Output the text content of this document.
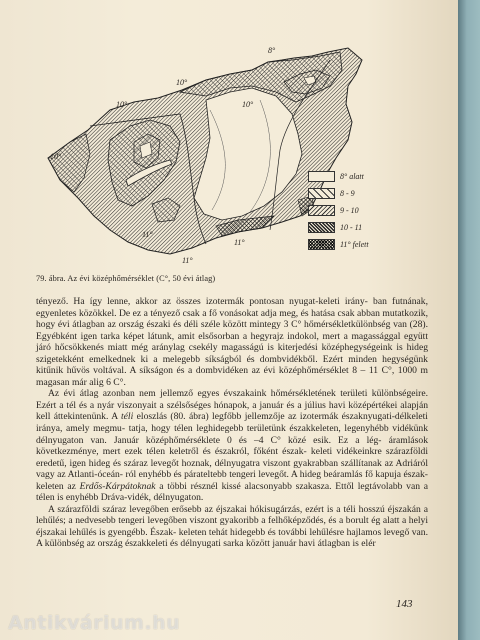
8°
10°
10°
10°
10°
11°
11°
11°
8° alatt
8 - 9
9 - 10
10 - 11
11° felett
79. ábra. Az évi középhőmérséklet (C°, 50 évi átlag)

tényező. Ha így lenne, akkor az összes izotermák pontosan nyugat-keleti irány- ban futnának, egyenletes közökkel. De ez a tényező csak a fő vonásokat adja meg, és hatása csak abban mutatkozik, hogy évi átlagban az ország északi és déli széle között mintegy 3 C° hőmérsékletkülönbség van (28). Egyébként igen tarka képet látunk, amit elsősorban a hegyrajz indokol, mert a magassággal együtt járó hőcsökkenés miatt még aránylag csekély magasságú is kiterjedési középhegységeink is hideg szigetekként emelkednek ki a melegebb síkságból és dombvidékből. Ezért minden hegységünk kitűnik hűvös voltával. A síkságon és a dombvidéken az évi középhőmérséklet 8 – 11 C°, 1000 m magasan már alig 6 C°.

Az évi átlag azonban nem jellemző egyes évszakaink hőmérsékletének területi különbségeire. Ezért a tél és a nyár viszonyait a szélsőséges hónapok, a január és a július havi középértékei alapján kell áttekintenünk. A téli eloszlás (80. ábra) legfőbb jellemzője az izotermák északnyugati-délkeleti iránya, amely megmu- tatja, hogy télen leghidegebb területünk északkeleten, legenyhébb vidékünk délnyugaton van. Január középhőmérséklete 0 és –4 C° közé esik. Ez a lég- áramlások következménye, mert ezek télen keletről és északról, főként észak- keleti vidékeinkre szárazföldi eredetű, igen hideg és száraz levegőt hoznak, délnyugatra viszont gyakrabban szállítanak az Adriáról vagy az Atlanti-óceán- ról enyhébb és párateltebb tengeri levegőt. A hideg beáramlás fő kapuja észak- keleten az Erdős-Kárpátoknak a többi résznél kissé alacsonyabb szakasza. Ettől legtávolabb van a télen is enyhébb Dráva-vidék, délnyugaton.

A szárazföldi száraz levegőben erősebb az éjszakai hókisugárzás, ezért is a téli hosszú éjszakán a lehűlés; a nedvesebb tengeri levegőben viszont gyakoribb a felhőképződés, és a borult ég alatt a helyi éjszakai lehűlés is gyengébb. Észak- keleten tehát hidegebb és további lehűlésre hajlamos levegő van. A különbség az ország északkeleti és délnyugati sarka között január havi átlagban is elér

143
Antikvárium.hu
